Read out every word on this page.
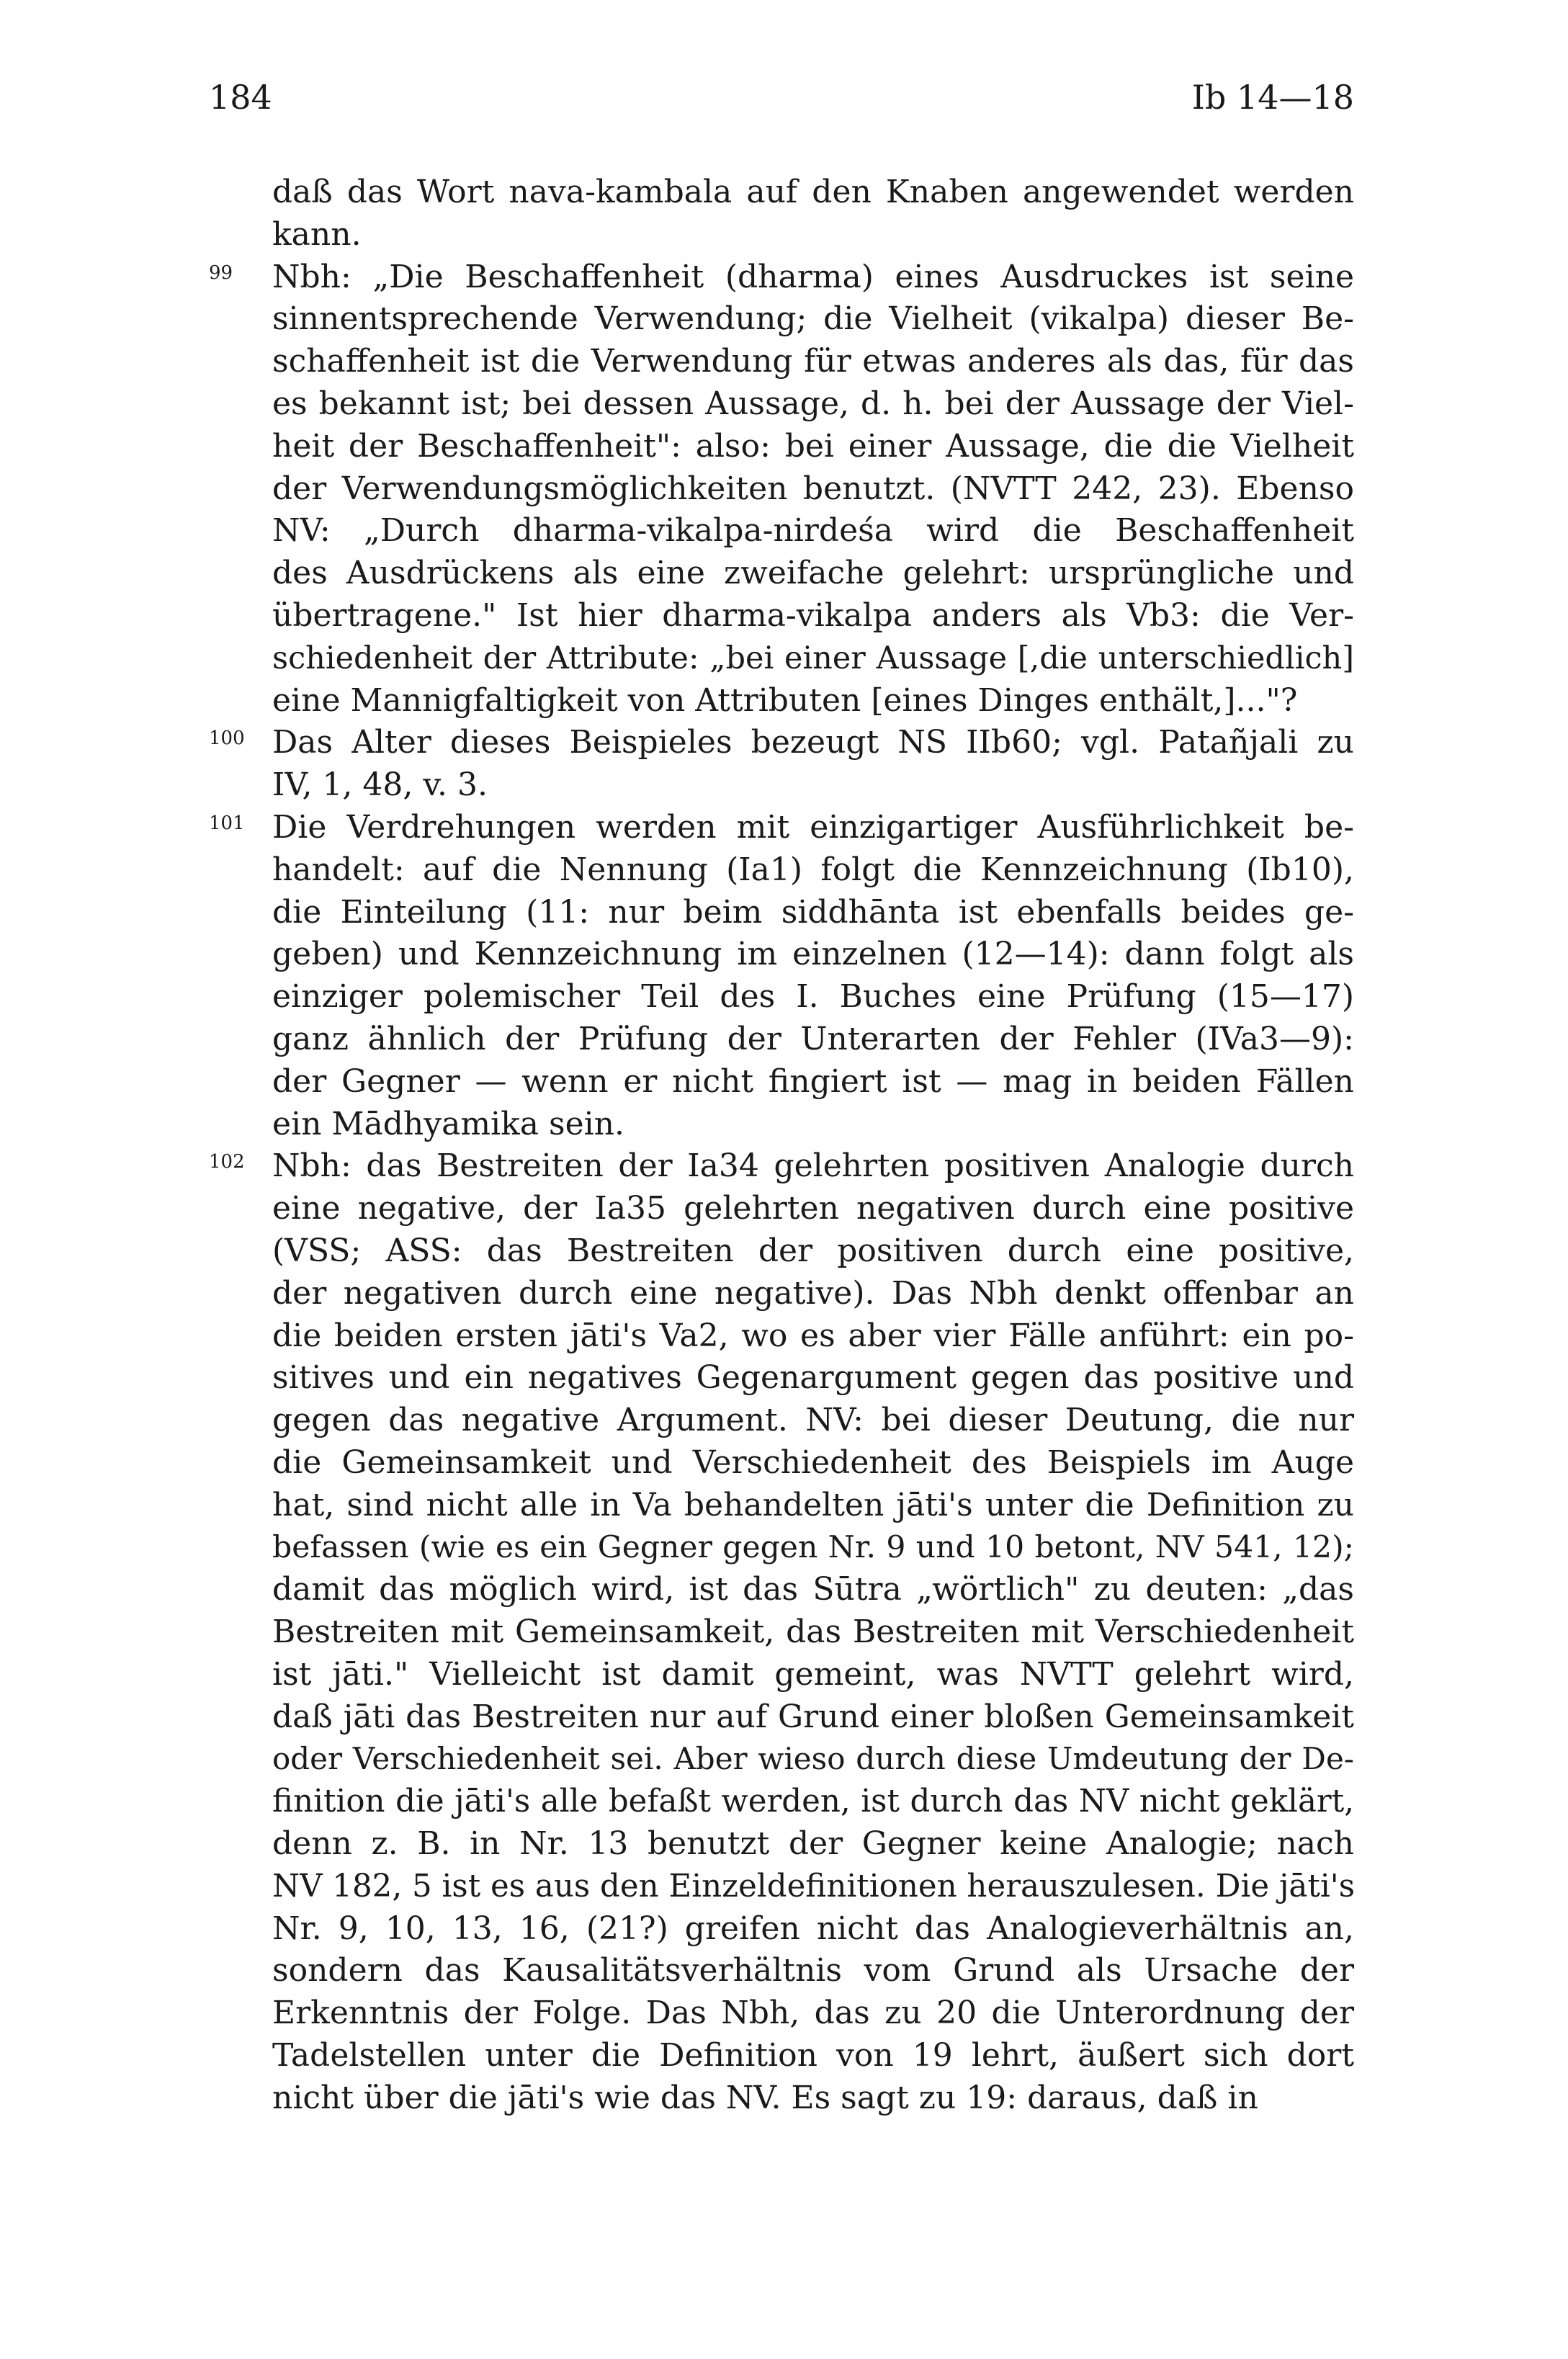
184	Ib 14—18
daß das Wort nava-kambala auf den Knaben angewendet werden
kann.
99	Nbh: „Die Beschaffenheit (dharma) eines Ausdruckes ist seine
sinnentsprechende Verwendung; die Vielheit (vikalpa) dieser Be-
schaffenheit ist die Verwendung für etwas anderes als das, für das
es bekannt ist; bei dessen Aussage, d. h. bei der Aussage der Viel-
heit der Beschaffenheit": also: bei einer Aussage, die die Vielheit
der Verwendungsmöglichkeiten benutzt. (NVTT 242, 23). Ebenso
NV: „Durch dharma-vikalpa-nirdeśa wird die Beschaffenheit
des Ausdrückens als eine zweifache gelehrt: ursprüngliche und
übertragene." Ist hier dharma-vikalpa anders als Vb3: die Ver-
schiedenheit der Attribute: „bei einer Aussage [,die unterschiedlich]
eine Mannigfaltigkeit von Attributen [eines Dinges enthält,]..."?
100 Das Alter dieses Beispieles bezeugt NS IIb60; vgl. Patañjali zu
IV, 1, 48, v. 3.
101 Die Verdrehungen werden mit einzigartiger Ausführlichkeit be-
handelt: auf die Nennung (Ia1) folgt die Kennzeichnung (Ib10),
die Einteilung (11: nur beim siddhānta ist ebenfalls beides ge-
geben) und Kennzeichnung im einzelnen (12—14): dann folgt als
einziger polemischer Teil des I. Buches eine Prüfung (15—17)
ganz ähnlich der Prüfung der Unterarten der Fehler (IVa3—9):
der Gegner — wenn er nicht fingiert ist — mag in beiden Fällen
ein Mādhyamika sein.
102 Nbh: das Bestreiten der Ia34 gelehrten positiven Analogie durch
eine negative, der Ia35 gelehrten negativen durch eine positive
(VSS; ASS: das Bestreiten der positiven durch eine positive,
der negativen durch eine negative). Das Nbh denkt offenbar an
die beiden ersten jāti's Va2, wo es aber vier Fälle anführt: ein po-
sitives und ein negatives Gegenargument gegen das positive und
gegen das negative Argument. NV: bei dieser Deutung, die nur
die Gemeinsamkeit und Verschiedenheit des Beispiels im Auge
hat, sind nicht alle in Va behandelten jāti's unter die Definition zu
befassen (wie es ein Gegner gegen Nr. 9 und 10 betont, NV 541, 12);
damit das möglich wird, ist das Sūtra „wörtlich" zu deuten: „das
Bestreiten mit Gemeinsamkeit, das Bestreiten mit Verschiedenheit
ist jāti." Vielleicht ist damit gemeint, was NVTT gelehrt wird,
daß jāti das Bestreiten nur auf Grund einer bloßen Gemeinsamkeit
oder Verschiedenheit sei. Aber wieso durch diese Umdeutung der De-
finition die jāti's alle befaßt werden, ist durch das NV nicht geklärt,
denn z. B. in Nr. 13 benutzt der Gegner keine Analogie; nach
NV 182, 5 ist es aus den Einzeldefinitionen herauszulesen. Die jāti's
Nr. 9, 10, 13, 16, (21?) greifen nicht das Analogieverhältnis an,
sondern das Kausalitätsverhältnis vom Grund als Ursache der
Erkenntnis der Folge. Das Nbh, das zu 20 die Unterordnung der
Tadelstellen unter die Definition von 19 lehrt, äußert sich dort
nicht über die jāti's wie das NV. Es sagt zu 19: daraus, daß in
